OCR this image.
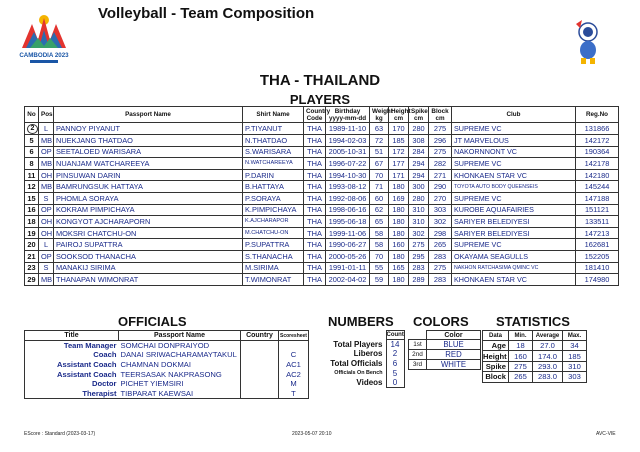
CAMBODIA 2023
Volleyball - Team Composition
THA - THAILAND
PLAYERS
No	Pos	Passport Name	Shirt Name	Country Code	Birthday yyyy-mm-dd	Weight kg	Height cm	Spike cm	Block cm	Club	Reg.No
2	L	PANNOY PIYANUT	P.TIYANUT	THA	1989-11-10	63	170	280	275	SUPREME VC	131866
5	MB	NUEKJANG THATDAO	N.THATDAO	THA	1994-02-03	72	185	308	296	JT MARVELOUS	142172
6	OP	SEETALOED WARISARA	S.WARISARA	THA	2005-10-31	51	172	284	275	NAKORNNONT VC	190364
8	MB	NUANJAM WATCHAREEYA	N.WATCHAREEYA	THA	1996-07-22	67	177	294	282	SUPREME VC	142178
11	OH	PINSUWAN DARIN	P.DARIN	THA	1994-10-30	70	171	294	271	KHONKAEN STAR VC	142180
12	MB	BAMRUNGSUK HATTAYA	B.HATTAYA	THA	1993-08-12	71	180	300	290	TOYOTA AUTO BODY QUEENSEIS	145244
15	S	PHOMLA SORAYA	P.SORAYA	THA	1992-08-06	60	169	280	270	SUPREME VC	147188
16	OP	KOKRAM PIMPICHAYA	K.PIMPICHAYA	THA	1998-06-16	62	180	310	303	KUROBE AQUAFAIRIES	151121
18	OH	KONGYOT AJCHARAPORN	K.AJCHARAPOR	THA	1995-06-18	65	180	310	302	SARIYER BELEDIYESI	133511
19	OH	MOKSRI CHATCHU-ON	M.CHATCHU-ON	THA	1999-11-06	58	180	302	298	SARIYER BELEDIYESI	147213
20	L	PAIROJ SUPATTRA	P.SUPATTRA	THA	1990-06-27	58	160	275	265	SUPREME VC	162681
21	OP	SOOKSOD THANACHA	S.THANACHA	THA	2000-05-26	70	180	295	283	OKAYAMA SEAGULLS	152205
23	S	MANAKIJ SIRIMA	M.SIRIMA	THA	1991-01-11	55	165	283	275	NAKHON RATCHASIMA QMINC VC	181410
29	MB	THANAPAN WIMONRAT	T.WIMONRAT	THA	2002-04-02	59	180	289	283	KHONKAEN STAR VC	174980
OFFICIALS	NUMBERS COLORS STATISTICS
Title	Passport Name	Country	Scoresheet
Team Manager	SOMCHAI DONPRAIYOD		
Coach	DANAI SRIWACHARAMAYTAKUL		C
Assistant Coach	CHAMNAN DOKMAI		AC1
Assistant Coach	TEERSASAK NAKPRASONG		AC2
Doctor	PICHET YIEMSIRI		M
Therapist	TIBPARAT KAEWSAI		T
	Count
Total Players	14
Liberos	2
Total Officials	6
Officials On Bench	5
Videos	0
	Color
1st	BLUE
2nd	RED
3rd	WHITE
Data	Min.	Average	Max.
Age	18	27.0	34
Height	160	174.0	185
Spike	275	293.0	310
Block	265	283.0	303
EScore : Standard (2023-03-17)	2023-05-07 20:10	AVC-VIE
